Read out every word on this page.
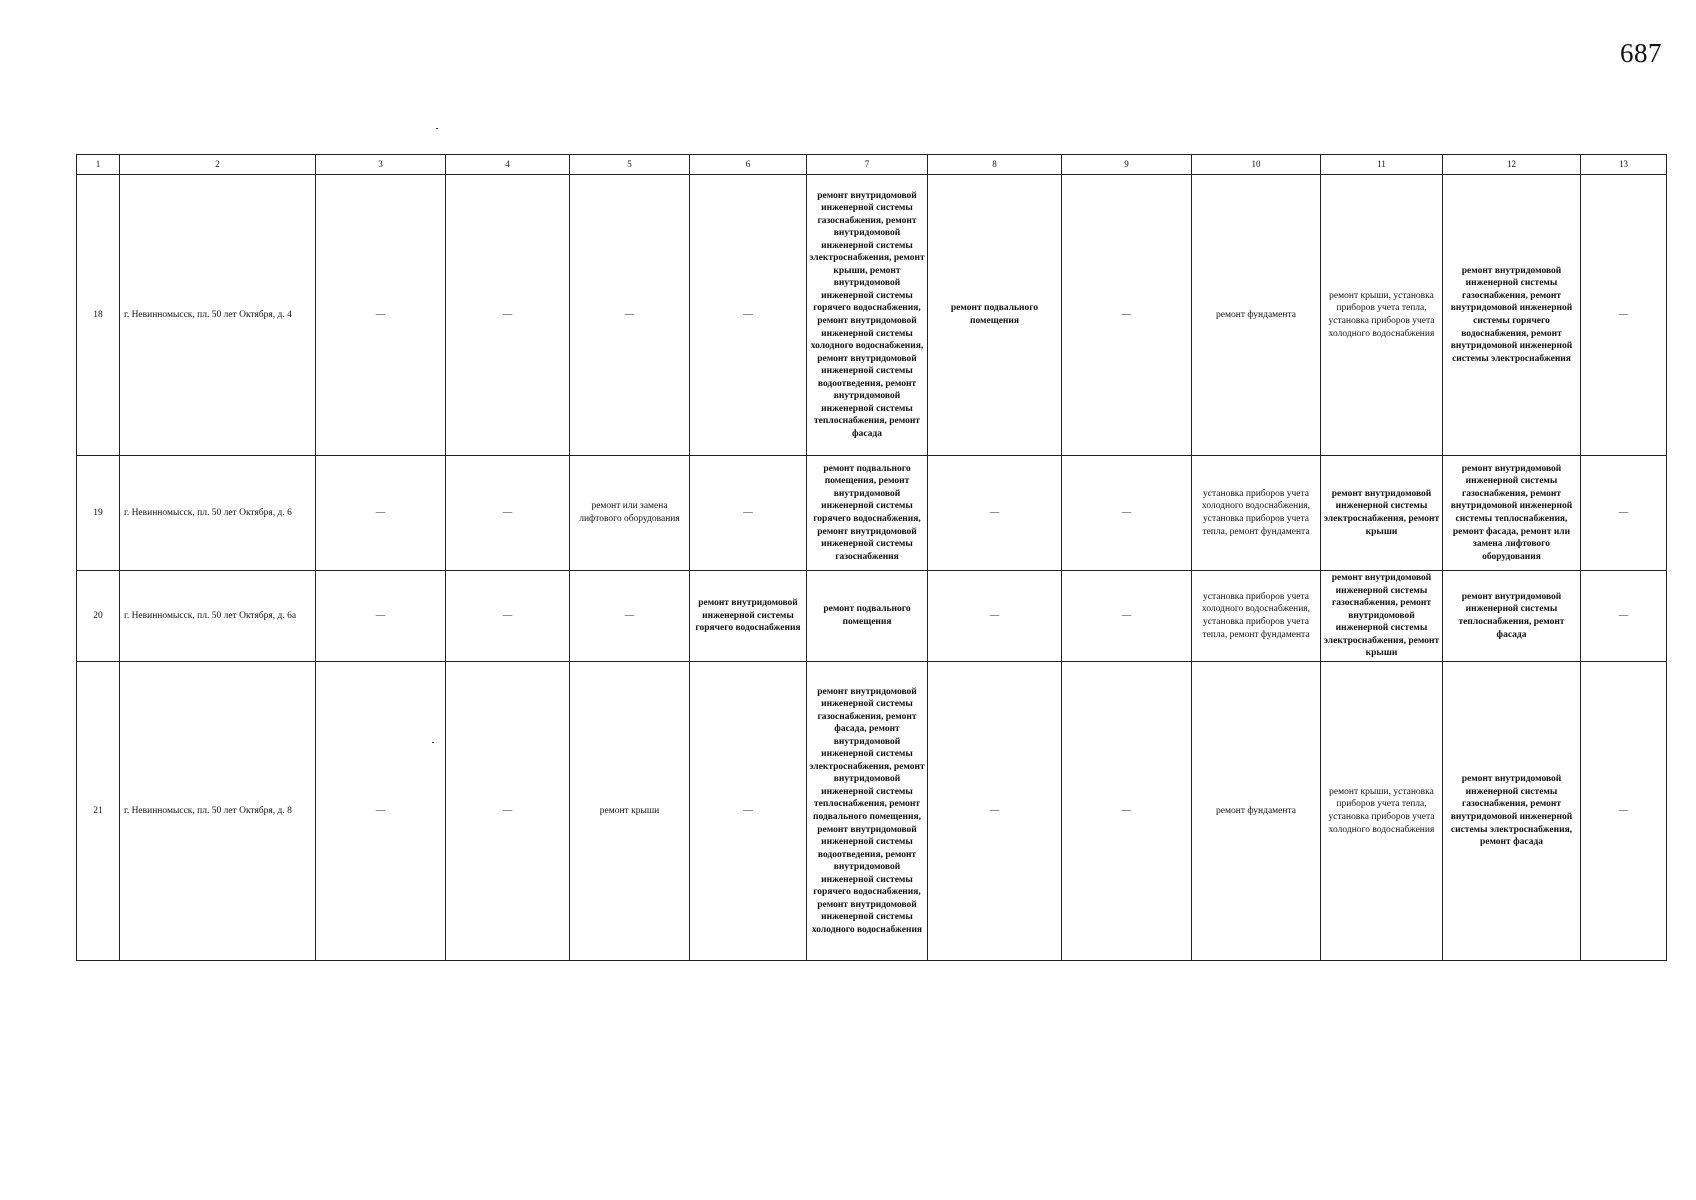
687
1	2	3	4	5	6	7	8	9	10	11	12	13
18	г. Невинномысск, пл. 50 лет Октября, д. 4	—	—	—	—	ремонт внутридомовой инженерной системы газоснабжения, ремонт внутридомовой инженерной системы электроснабжения, ремонт крыши, ремонт внутридомовой инженерной системы горячего водоснабжения, ремонт внутридомовой инженерной системы холодного водоснабжения, ремонт внутридомовой инженерной системы водоотведения, ремонт внутридомовой инженерной системы теплоснабжения, ремонт фасада	ремонт подвального помещения	—	ремонт фундамента	ремонт крыши, установка приборов учета тепла, установка приборов учета холодного водоснабжения	ремонт внутридомовой инженерной системы газоснабжения, ремонт внутридомовой инженерной системы горячего водоснабжения, ремонт внутридомовой инженерной системы электроснабжения	—
19	г. Невинномысск, пл. 50 лет Октября, д. 6	—	—	ремонт или замена лифтового оборудования	—	ремонт подвального помещения, ремонт внутридомовой инженерной системы горячего водоснабжения, ремонт внутридомовой инженерной системы газоснабжения	—	—	установка приборов учета холодного водоснабжения, установка приборов учета тепла, ремонт фундамента	ремонт внутридомовой инженерной системы электроснабжения, ремонт крыши	ремонт внутридомовой инженерной системы газоснабжения, ремонт внутридомовой инженерной системы теплоснабжения, ремонт фасада, ремонт или замена лифтового оборудования	—
20	г. Невинномысск, пл. 50 лет Октября, д. 6а	—	—	—	ремонт внутридомовой инженерной системы горячего водоснабжения	ремонт подвального помещения	—	—	установка приборов учета холодного водоснабжения, установка приборов учета тепла, ремонт фундамента	ремонт внутридомовой инженерной системы газоснабжения, ремонт внутридомовой инженерной системы электроснабжения, ремонт крыши	ремонт внутридомовой инженерной системы теплоснабжения, ремонт фасада	—
21	г. Невинномысск, пл. 50 лет Октября, д. 8	—	—	ремонт крыши	—	ремонт внутридомовой инженерной системы газоснабжения, ремонт фасада, ремонт внутридомовой инженерной системы электроснабжения, ремонт внутридомовой инженерной системы теплоснабжения, ремонт подвального помещения, ремонт внутридомовой инженерной системы водоотведения, ремонт внутридомовой инженерной системы горячего водоснабжения, ремонт внутридомовой инженерной системы холодного водоснабжения	—	—	ремонт фундамента	ремонт крыши, установка приборов учета тепла, установка приборов учета холодного водоснабжения	ремонт внутридомовой инженерной системы газоснабжения, ремонт внутридомовой инженерной системы электроснабжения, ремонт фасада	—
